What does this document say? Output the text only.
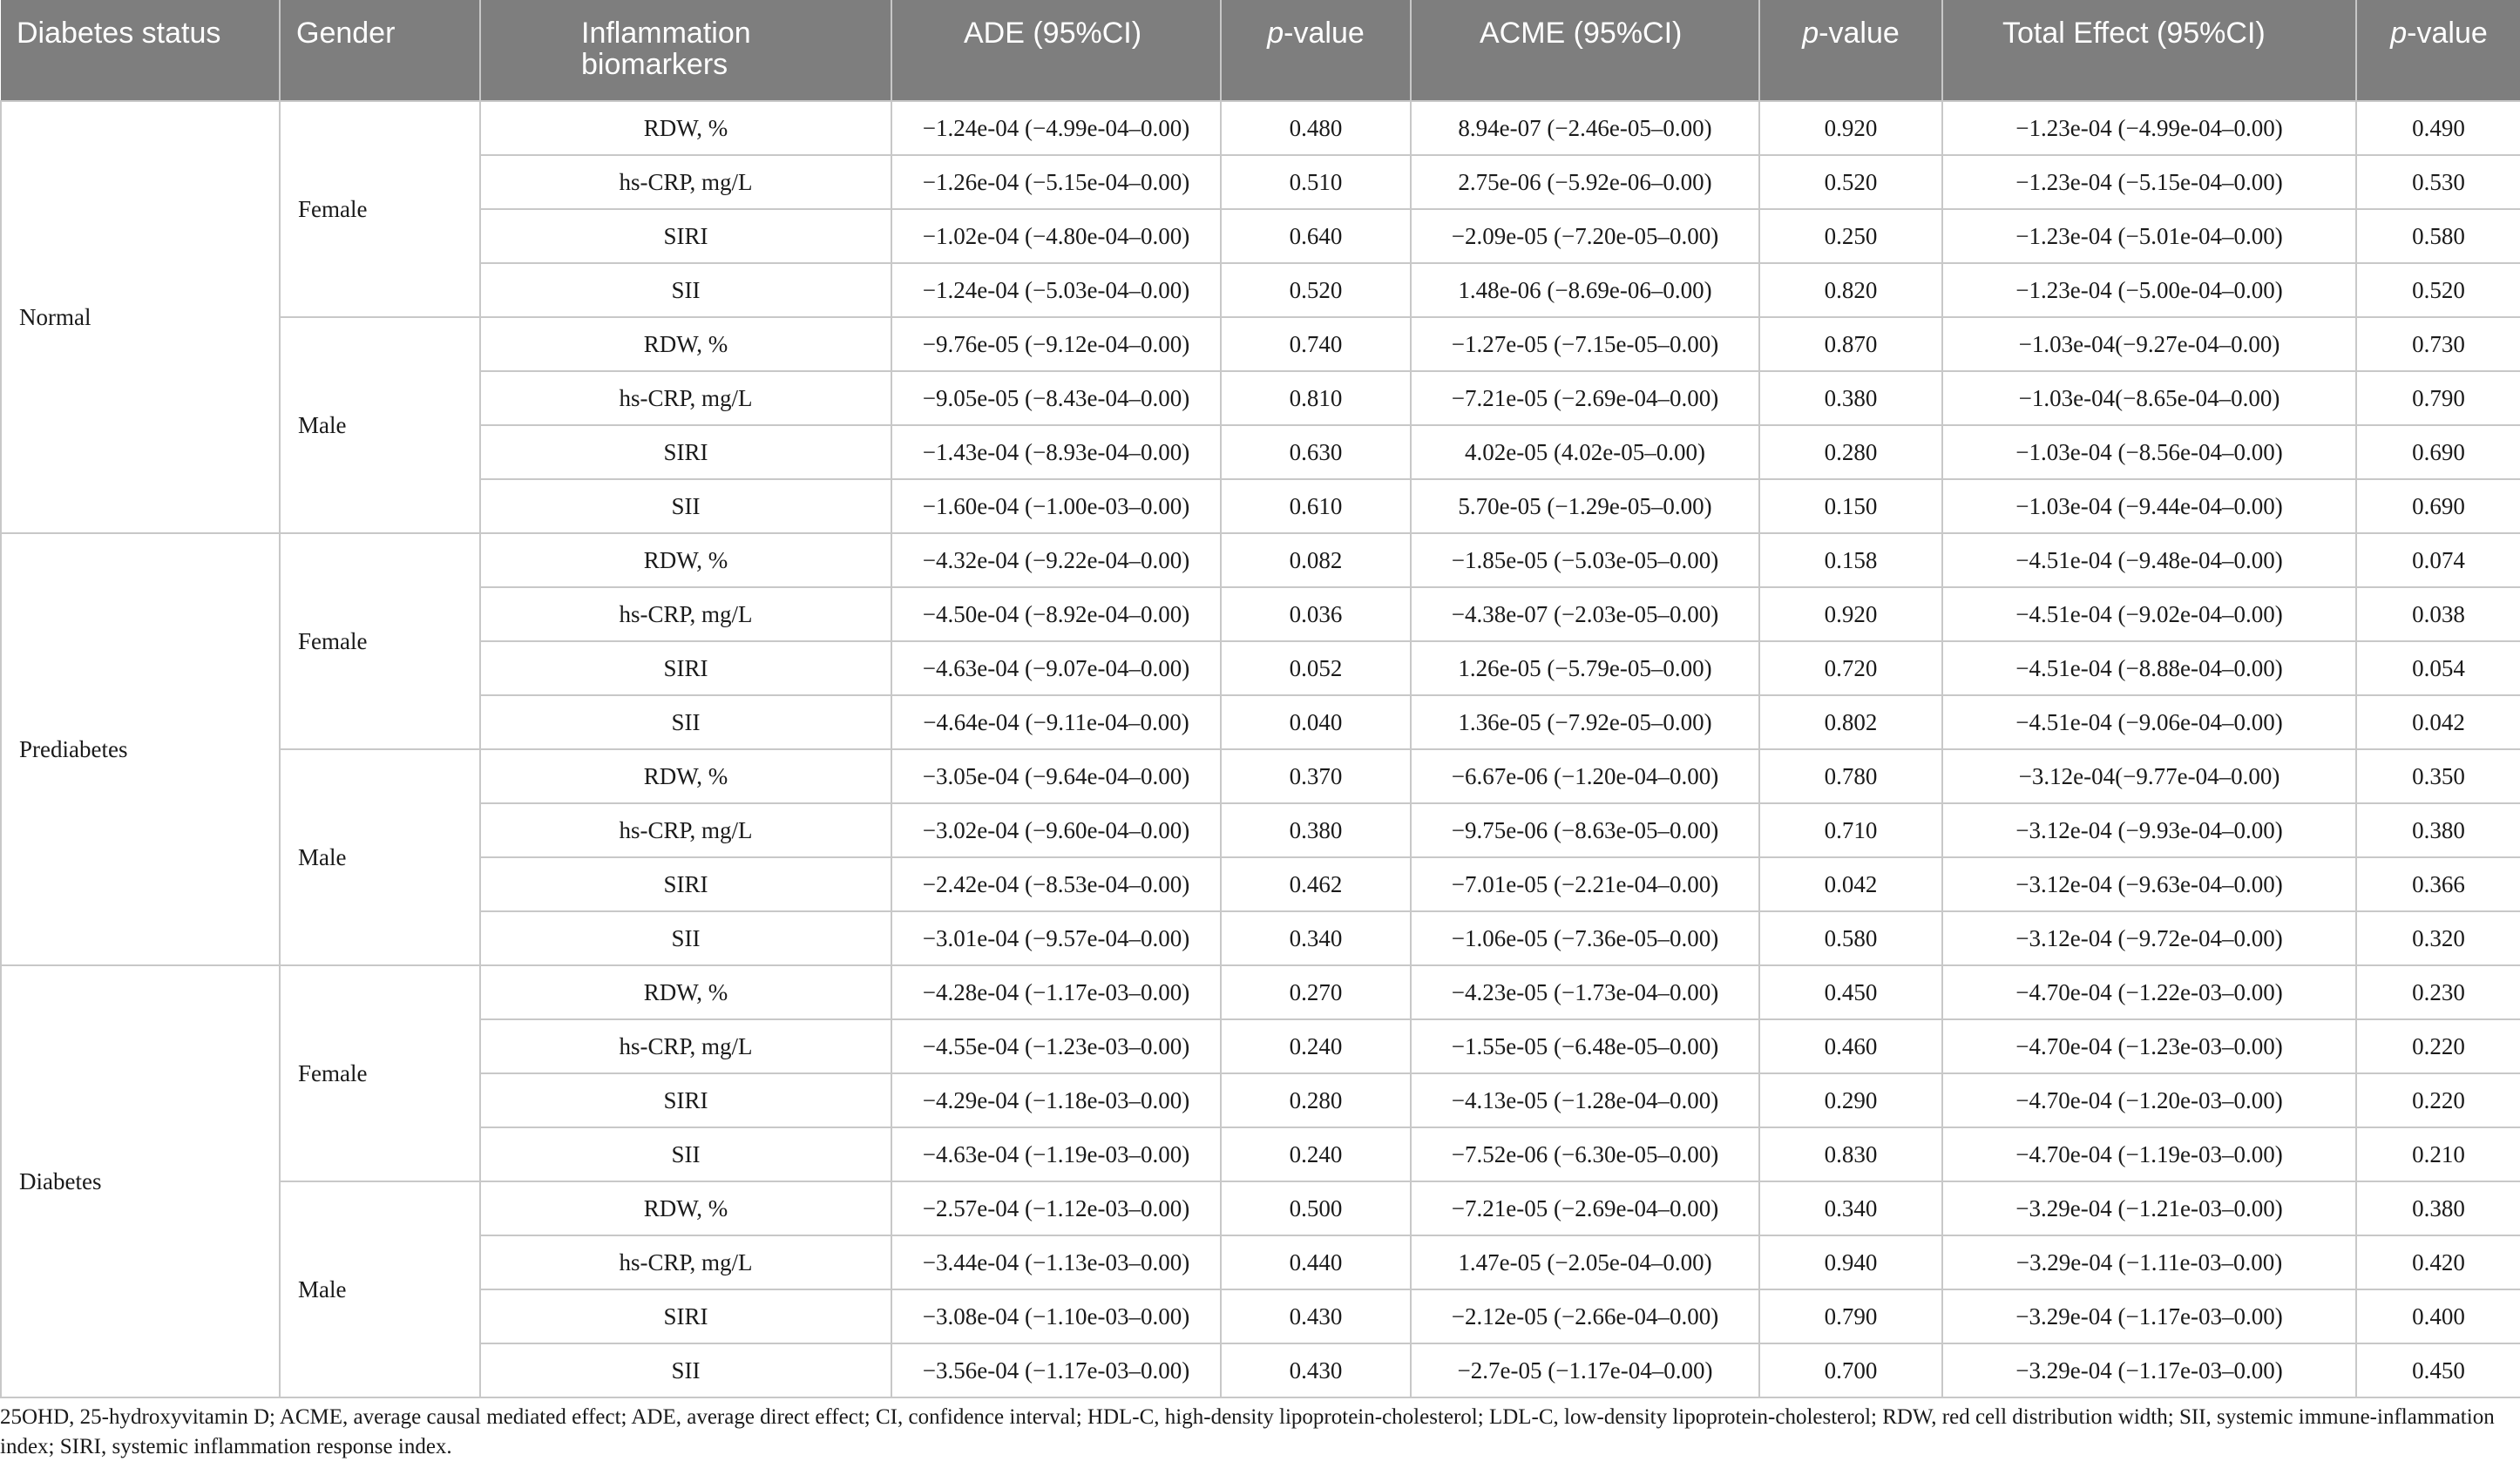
Diabetes status	Gender	Inflammation biomarkers	ADE (95%CI)	p-value	ACME (95%CI)	p-value	Total Effect (95%CI)	p-value

Normal	Female	RDW, %	−1.24e-04 (−4.99e-04–0.00)	0.480	8.94e-07 (−2.46e-05–0.00)	0.920	−1.23e-04 (−4.99e-04–0.00)	0.490
		hs-CRP, mg/L	−1.26e-04 (−5.15e-04–0.00)	0.510	2.75e-06 (−5.92e-06–0.00)	0.520	−1.23e-04 (−5.15e-04–0.00)	0.530
		SIRI	−1.02e-04 (−4.80e-04–0.00)	0.640	−2.09e-05 (−7.20e-05–0.00)	0.250	−1.23e-04 (−5.01e-04–0.00)	0.580
		SII	−1.24e-04 (−5.03e-04–0.00)	0.520	1.48e-06 (−8.69e-06–0.00)	0.820	−1.23e-04 (−5.00e-04–0.00)	0.520
	Male	RDW, %	−9.76e-05 (−9.12e-04–0.00)	0.740	−1.27e-05 (−7.15e-05–0.00)	0.870	−1.03e-04(−9.27e-04–0.00)	0.730
		hs-CRP, mg/L	−9.05e-05 (−8.43e-04–0.00)	0.810	−7.21e-05 (−2.69e-04–0.00)	0.380	−1.03e-04(−8.65e-04–0.00)	0.790
		SIRI	−1.43e-04 (−8.93e-04–0.00)	0.630	4.02e-05 (4.02e-05–0.00)	0.280	−1.03e-04 (−8.56e-04–0.00)	0.690
		SII	−1.60e-04 (−1.00e-03–0.00)	0.610	5.70e-05 (−1.29e-05–0.00)	0.150	−1.03e-04 (−9.44e-04–0.00)	0.690
Prediabetes	Female	RDW, %	−4.32e-04 (−9.22e-04–0.00)	0.082	−1.85e-05 (−5.03e-05–0.00)	0.158	−4.51e-04 (−9.48e-04–0.00)	0.074
		hs-CRP, mg/L	−4.50e-04 (−8.92e-04–0.00)	0.036	−4.38e-07 (−2.03e-05–0.00)	0.920	−4.51e-04 (−9.02e-04–0.00)	0.038
		SIRI	−4.63e-04 (−9.07e-04–0.00)	0.052	1.26e-05 (−5.79e-05–0.00)	0.720	−4.51e-04 (−8.88e-04–0.00)	0.054
		SII	−4.64e-04 (−9.11e-04–0.00)	0.040	1.36e-05 (−7.92e-05–0.00)	0.802	−4.51e-04 (−9.06e-04–0.00)	0.042
	Male	RDW, %	−3.05e-04 (−9.64e-04–0.00)	0.370	−6.67e-06 (−1.20e-04–0.00)	0.780	−3.12e-04(−9.77e-04–0.00)	0.350
		hs-CRP, mg/L	−3.02e-04 (−9.60e-04–0.00)	0.380	−9.75e-06 (−8.63e-05–0.00)	0.710	−3.12e-04 (−9.93e-04–0.00)	0.380
		SIRI	−2.42e-04 (−8.53e-04–0.00)	0.462	−7.01e-05 (−2.21e-04–0.00)	0.042	−3.12e-04 (−9.63e-04–0.00)	0.366
		SII	−3.01e-04 (−9.57e-04–0.00)	0.340	−1.06e-05 (−7.36e-05–0.00)	0.580	−3.12e-04 (−9.72e-04–0.00)	0.320
Diabetes	Female	RDW, %	−4.28e-04 (−1.17e-03–0.00)	0.270	−4.23e-05 (−1.73e-04–0.00)	0.450	−4.70e-04 (−1.22e-03–0.00)	0.230
		hs-CRP, mg/L	−4.55e-04 (−1.23e-03–0.00)	0.240	−1.55e-05 (−6.48e-05–0.00)	0.460	−4.70e-04 (−1.23e-03–0.00)	0.220
		SIRI	−4.29e-04 (−1.18e-03–0.00)	0.280	−4.13e-05 (−1.28e-04–0.00)	0.290	−4.70e-04 (−1.20e-03–0.00)	0.220
		SII	−4.63e-04 (−1.19e-03–0.00)	0.240	−7.52e-06 (−6.30e-05–0.00)	0.830	−4.70e-04 (−1.19e-03–0.00)	0.210
	Male	RDW, %	−2.57e-04 (−1.12e-03–0.00)	0.500	−7.21e-05 (−2.69e-04–0.00)	0.340	−3.29e-04 (−1.21e-03–0.00)	0.380
		hs-CRP, mg/L	−3.44e-04 (−1.13e-03–0.00)	0.440	1.47e-05 (−2.05e-04–0.00)	0.940	−3.29e-04 (−1.11e-03–0.00)	0.420
		SIRI	−3.08e-04 (−1.10e-03–0.00)	0.430	−2.12e-05 (−2.66e-04–0.00)	0.790	−3.29e-04 (−1.17e-03–0.00)	0.400
		SII	−3.56e-04 (−1.17e-03–0.00)	0.430	−2.7e-05 (−1.17e-04–0.00)	0.700	−3.29e-04 (−1.17e-03–0.00)	0.450
25OHD, 25-hydroxyvitamin D; ACME, average causal mediated effect; ADE, average direct effect; CI, confidence interval; HDL-C, high-density lipoprotein-cholesterol; LDL-C, low-density lipoprotein-cholesterol; RDW, red cell distribution width; SII, systemic immune-inflammation index; SIRI, systemic inflammation response index.
